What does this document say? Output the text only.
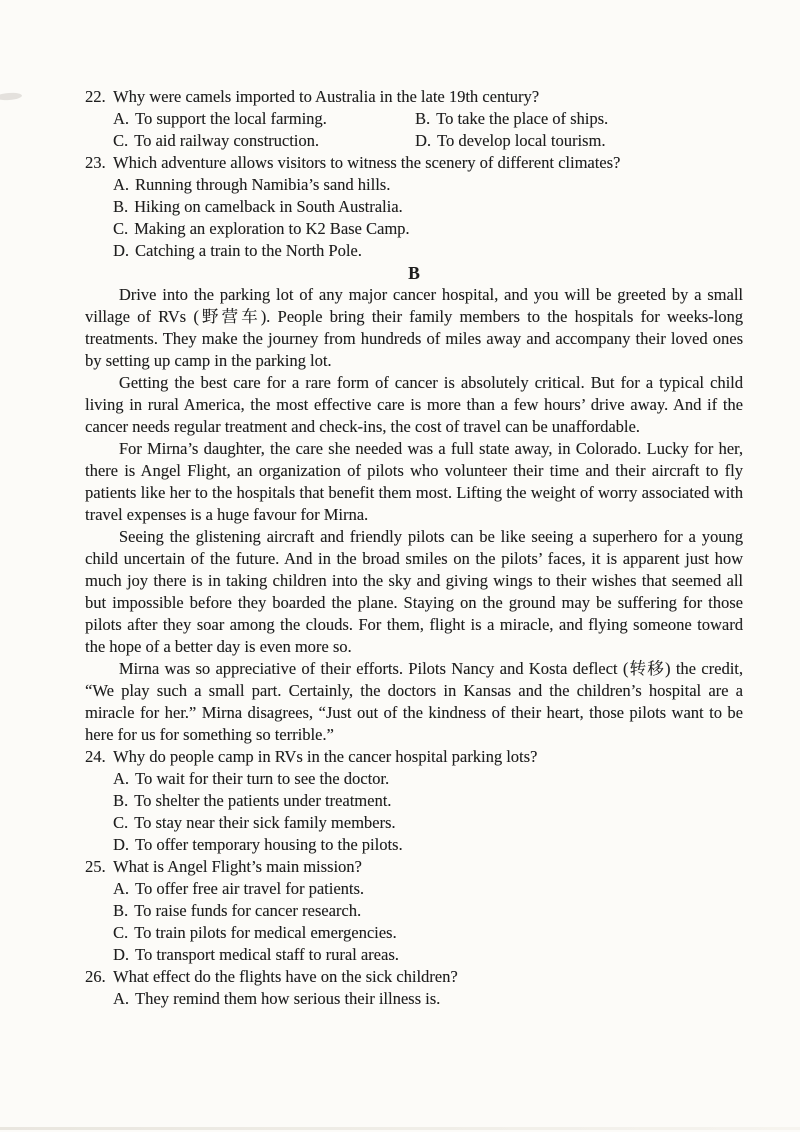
22. Why were camels imported to Australia in the late 19th century?
A. To support the local farming.	B. To take the place of ships.
C. To aid railway construction.	D. To develop local tourism.
23. Which adventure allows visitors to witness the scenery of different climates?
A. Running through Namibia’s sand hills.
B. Hiking on camelback in South Australia.
C. Making an exploration to K2 Base Camp.
D. Catching a train to the North Pole.
B

Drive into the parking lot of any major cancer hospital, and you will be greeted by a small village of RVs (野营车). People bring their family members to the hospitals for weeks-long treatments. They make the journey from hundreds of miles away and accompany their loved ones by setting up camp in the parking lot.

Getting the best care for a rare form of cancer is absolutely critical. But for a typical child living in rural America, the most effective care is more than a few hours’ drive away. And if the cancer needs regular treatment and check-ins, the cost of travel can be unaffordable.

For Mirna’s daughter, the care she needed was a full state away, in Colorado. Lucky for her, there is Angel Flight, an organization of pilots who volunteer their time and their aircraft to fly patients like her to the hospitals that benefit them most. Lifting the weight of worry associated with travel expenses is a huge favour for Mirna.

Seeing the glistening aircraft and friendly pilots can be like seeing a superhero for a young child uncertain of the future. And in the broad smiles on the pilots’ faces, it is apparent just how much joy there is in taking children into the sky and giving wings to their wishes that seemed all but impossible before they boarded the plane. Staying on the ground may be suffering for those pilots after they soar among the clouds. For them, flight is a miracle, and flying someone toward the hope of a better day is even more so.

Mirna was so appreciative of their efforts. Pilots Nancy and Kosta deflect (转移) the credit, “We play such a small part. Certainly, the doctors in Kansas and the children’s hospital are a miracle for her.” Mirna disagrees, “Just out of the kindness of their heart, those pilots want to be here for us for something so terrible.”

24. Why do people camp in RVs in the cancer hospital parking lots?
A. To wait for their turn to see the doctor.
B. To shelter the patients under treatment.
C. To stay near their sick family members.
D. To offer temporary housing to the pilots.
25. What is Angel Flight’s main mission?
A. To offer free air travel for patients.
B. To raise funds for cancer research.
C. To train pilots for medical emergencies.
D. To transport medical staff to rural areas.
26. What effect do the flights have on the sick children?
A. They remind them how serious their illness is.
